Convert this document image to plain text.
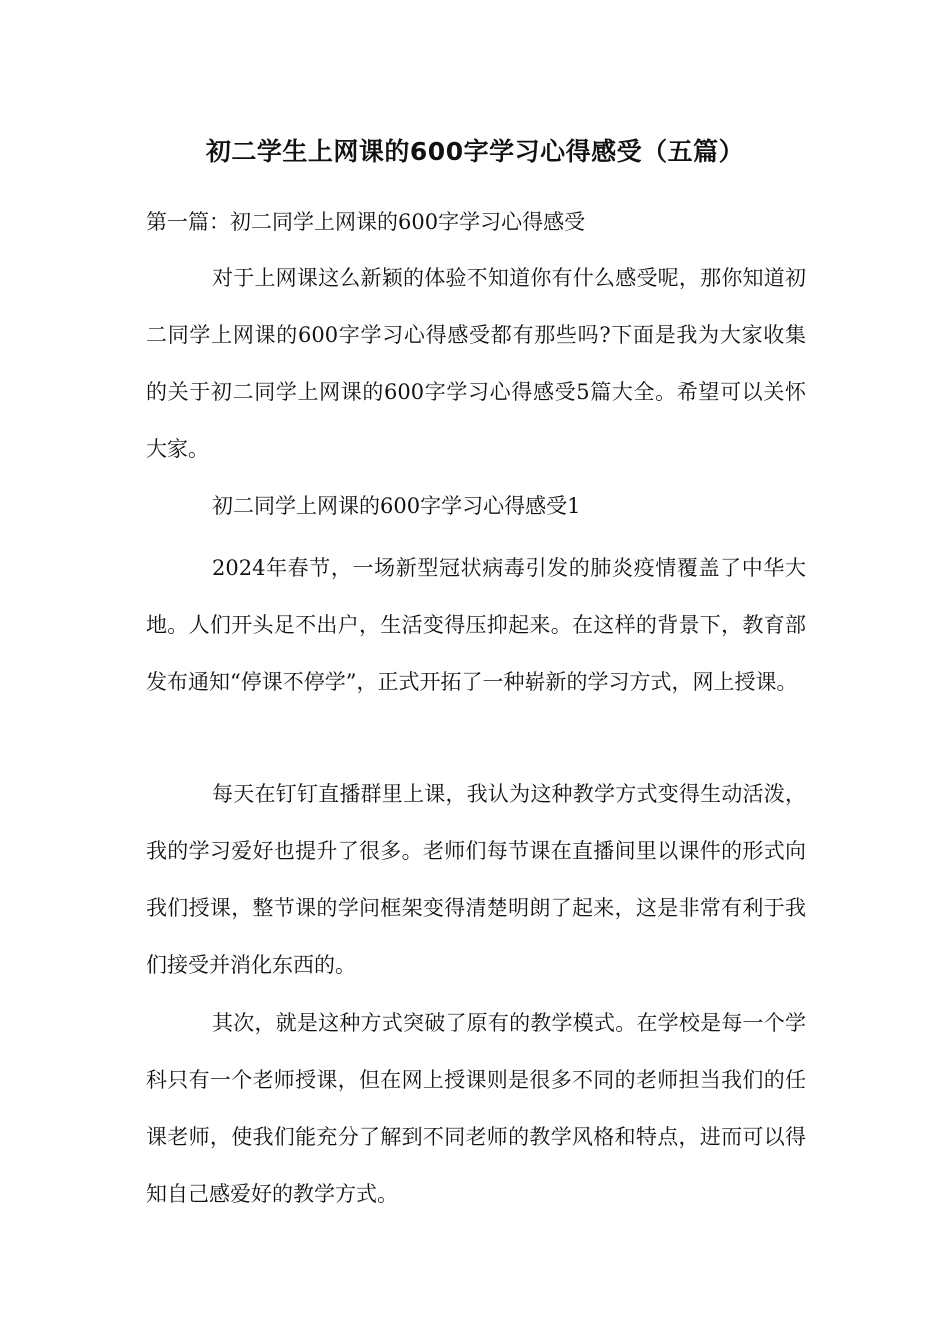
初二学生上网课的600字学习心得感受（五篇）

第一篇：初二同学上网课的600字学习心得感受

对于上网课这么新颖的体验不知道你有什么感受呢，那你知道初二同学上网课的600字学习心得感受都有那些吗?下面是我为大家收集的关于初二同学上网课的600字学习心得感受5篇大全。希望可以关怀大家。

初二同学上网课的600字学习心得感受1

2024年春节，一场新型冠状病毒引发的肺炎疫情覆盖了中华大地。人们开头足不出户，生活变得压抑起来。在这样的背景下，教育部发布通知“停课不停学”，正式开拓了一种崭新的学习方式，网上授课。

每天在钉钉直播群里上课，我认为这种教学方式变得生动活泼，我的学习爱好也提升了很多。老师们每节课在直播间里以课件的形式向我们授课，整节课的学问框架变得清楚明朗了起来，这是非常有利于我们接受并消化东西的。

其次，就是这种方式突破了原有的教学模式。在学校是每一个学科只有一个老师授课，但在网上授课则是很多不同的老师担当我们的任课老师，使我们能充分了解到不同老师的教学风格和特点，进而可以得知自己感爱好的教学方式。
